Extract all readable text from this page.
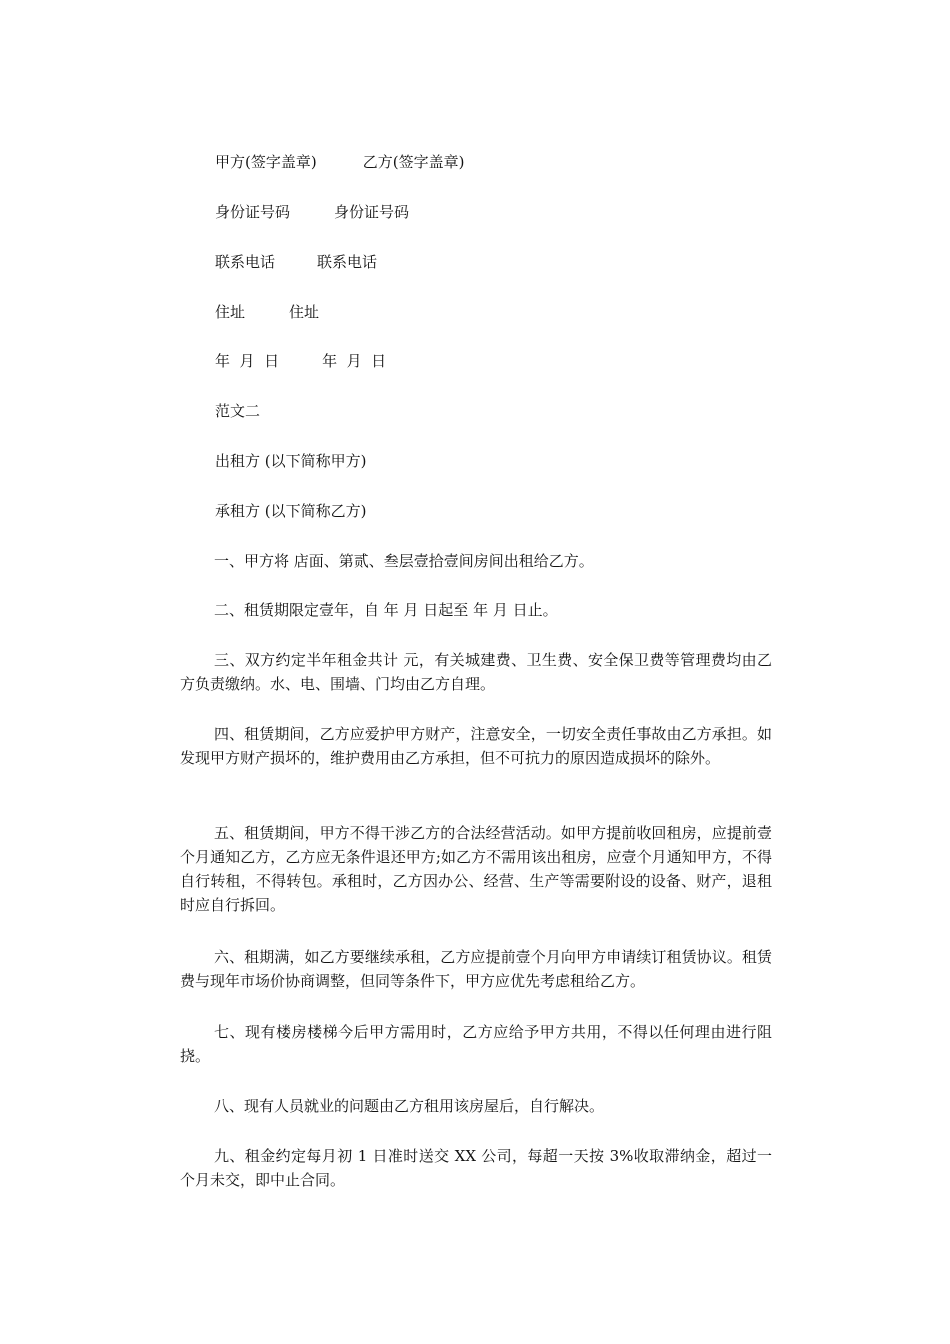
甲方(签字盖章)	乙方(签字盖章)
身份证号码	身份证号码
联系电话	联系电话
住址	住址
年  月  日	年  月  日
范文二
出租方 (以下简称甲方)
承租方 (以下简称乙方)
一、甲方将 店面、第贰、叁层壹拾壹间房间出租给乙方。
二、租赁期限定壹年，自 年 月 日起至 年 月 日止。
三、双方约定半年租金共计 元，有关城建费、卫生费、安全保卫费等管理费均由乙方负责缴纳。水、电、围墙、门均由乙方自理。
四、租赁期间，乙方应爱护甲方财产，注意安全，一切安全责任事故由乙方承担。如发现甲方财产损坏的，维护费用由乙方承担，但不可抗力的原因造成损坏的除外。
五、租赁期间，甲方不得干涉乙方的合法经营活动。如甲方提前收回租房，应提前壹个月通知乙方，乙方应无条件退还甲方;如乙方不需用该出租房，应壹个月通知甲方，不得自行转租，不得转包。承租时，乙方因办公、经营、生产等需要附设的设备、财产，退租时应自行拆回。
六、租期满，如乙方要继续承租，乙方应提前壹个月向甲方申请续订租赁协议。租赁费与现年市场价协商调整，但同等条件下，甲方应优先考虑租给乙方。
七、现有楼房楼梯今后甲方需用时，乙方应给予甲方共用，不得以任何理由进行阻挠。
八、现有人员就业的问题由乙方租用该房屋后，自行解决。
九、租金约定每月初 1 日准时送交 XX 公司，每超一天按 3%收取滞纳金，超过一个月未交，即中止合同。
